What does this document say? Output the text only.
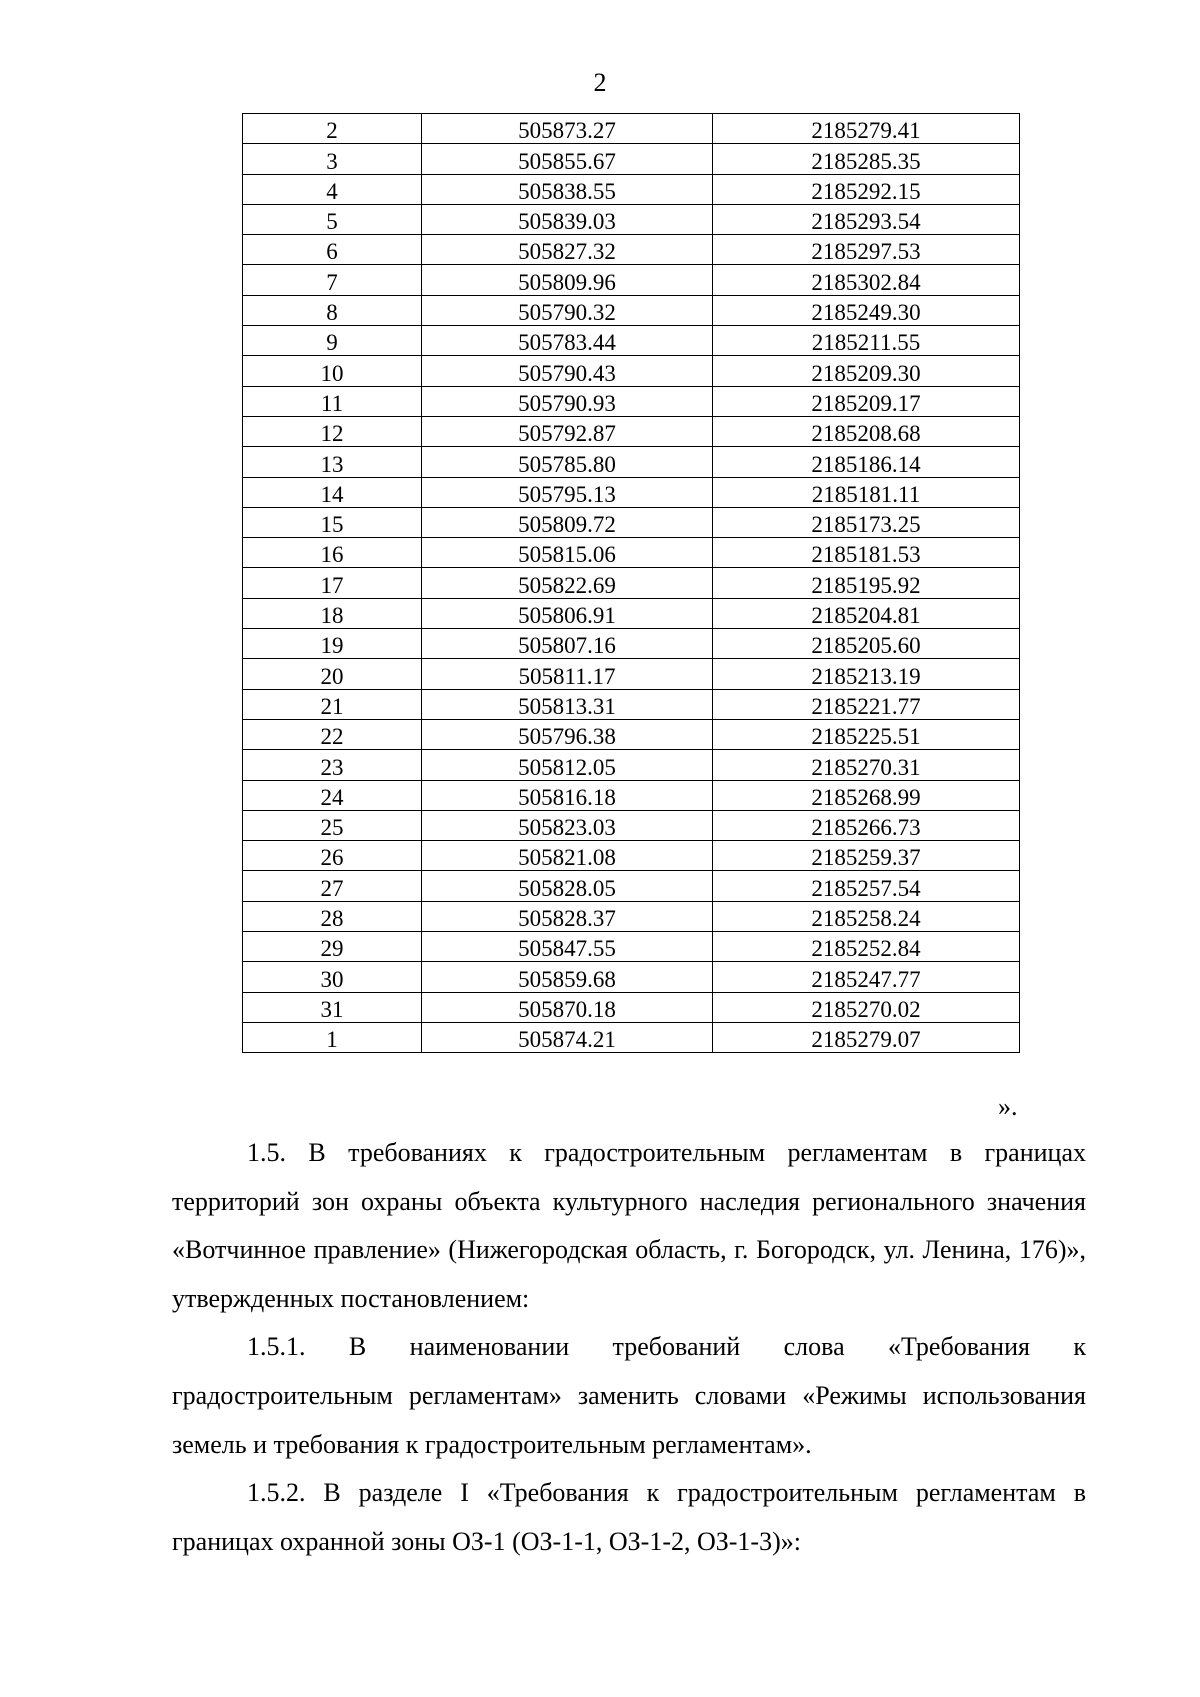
2
2	505873.27	2185279.41
3	505855.67	2185285.35
4	505838.55	2185292.15
5	505839.03	2185293.54
6	505827.32	2185297.53
7	505809.96	2185302.84
8	505790.32	2185249.30
9	505783.44	2185211.55
10	505790.43	2185209.30
11	505790.93	2185209.17
12	505792.87	2185208.68
13	505785.80	2185186.14
14	505795.13	2185181.11
15	505809.72	2185173.25
16	505815.06	2185181.53
17	505822.69	2185195.92
18	505806.91	2185204.81
19	505807.16	2185205.60
20	505811.17	2185213.19
21	505813.31	2185221.77
22	505796.38	2185225.51
23	505812.05	2185270.31
24	505816.18	2185268.99
25	505823.03	2185266.73
26	505821.08	2185259.37
27	505828.05	2185257.54
28	505828.37	2185258.24
29	505847.55	2185252.84
30	505859.68	2185247.77
31	505870.18	2185270.02
1	505874.21	2185279.07
».

1.5. В требованиях к градостроительным регламентам в границах территорий зон охраны объекта культурного наследия регионального значения «Вотчинное правление» (Нижегородская область, г. Богородск, ул. Ленина, 176)», утвержденных постановлением:

1.5.1. В наименовании требований слова «Требования к градостроительным регламентам» заменить словами «Режимы использования земель и требования к градостроительным регламентам».

1.5.2. В разделе I «Требования к градостроительным регламентам в границах охранной зоны ОЗ-1 (ОЗ-1-1, ОЗ-1-2, ОЗ-1-3)»:
